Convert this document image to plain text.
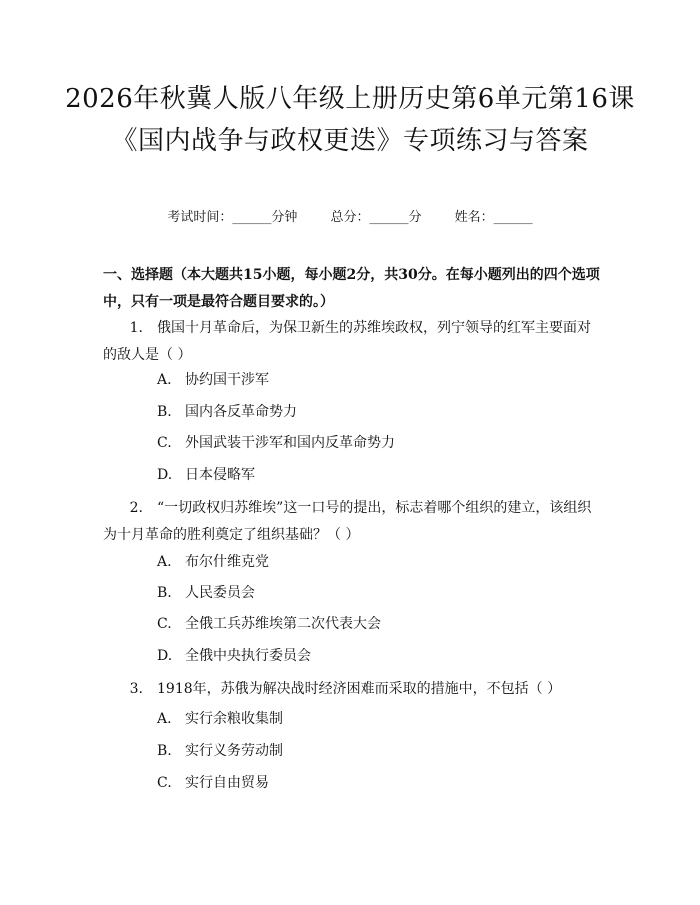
2026年秋冀人版八年级上册历史第6单元第16课《国内战争与政权更迭》专项练习与答案
考试时间：______分钟	总分：______分	姓名：______
一、选择题（本大题共15小题，每小题2分，共30分。在每小题列出的四个选项中，只有一项是最符合题目要求的。）
1. 俄国十月革命后，为保卫新生的苏维埃政权，列宁领导的红军主要面对的敌人是（ ）
A. 协约国干涉军
B. 国内各反革命势力
C. 外国武装干涉军和国内反革命势力
D. 日本侵略军
2. “一切政权归苏维埃”这一口号的提出，标志着哪个组织的建立，该组织为十月革命的胜利奠定了组织基础？（ ）
A. 布尔什维克党
B. 人民委员会
C. 全俄工兵苏维埃第二次代表大会
D. 全俄中央执行委员会
3. 1918年，苏俄为解决战时经济困难而采取的措施中，不包括（ ）
A. 实行余粮收集制
B. 实行义务劳动制
C. 实行自由贸易
